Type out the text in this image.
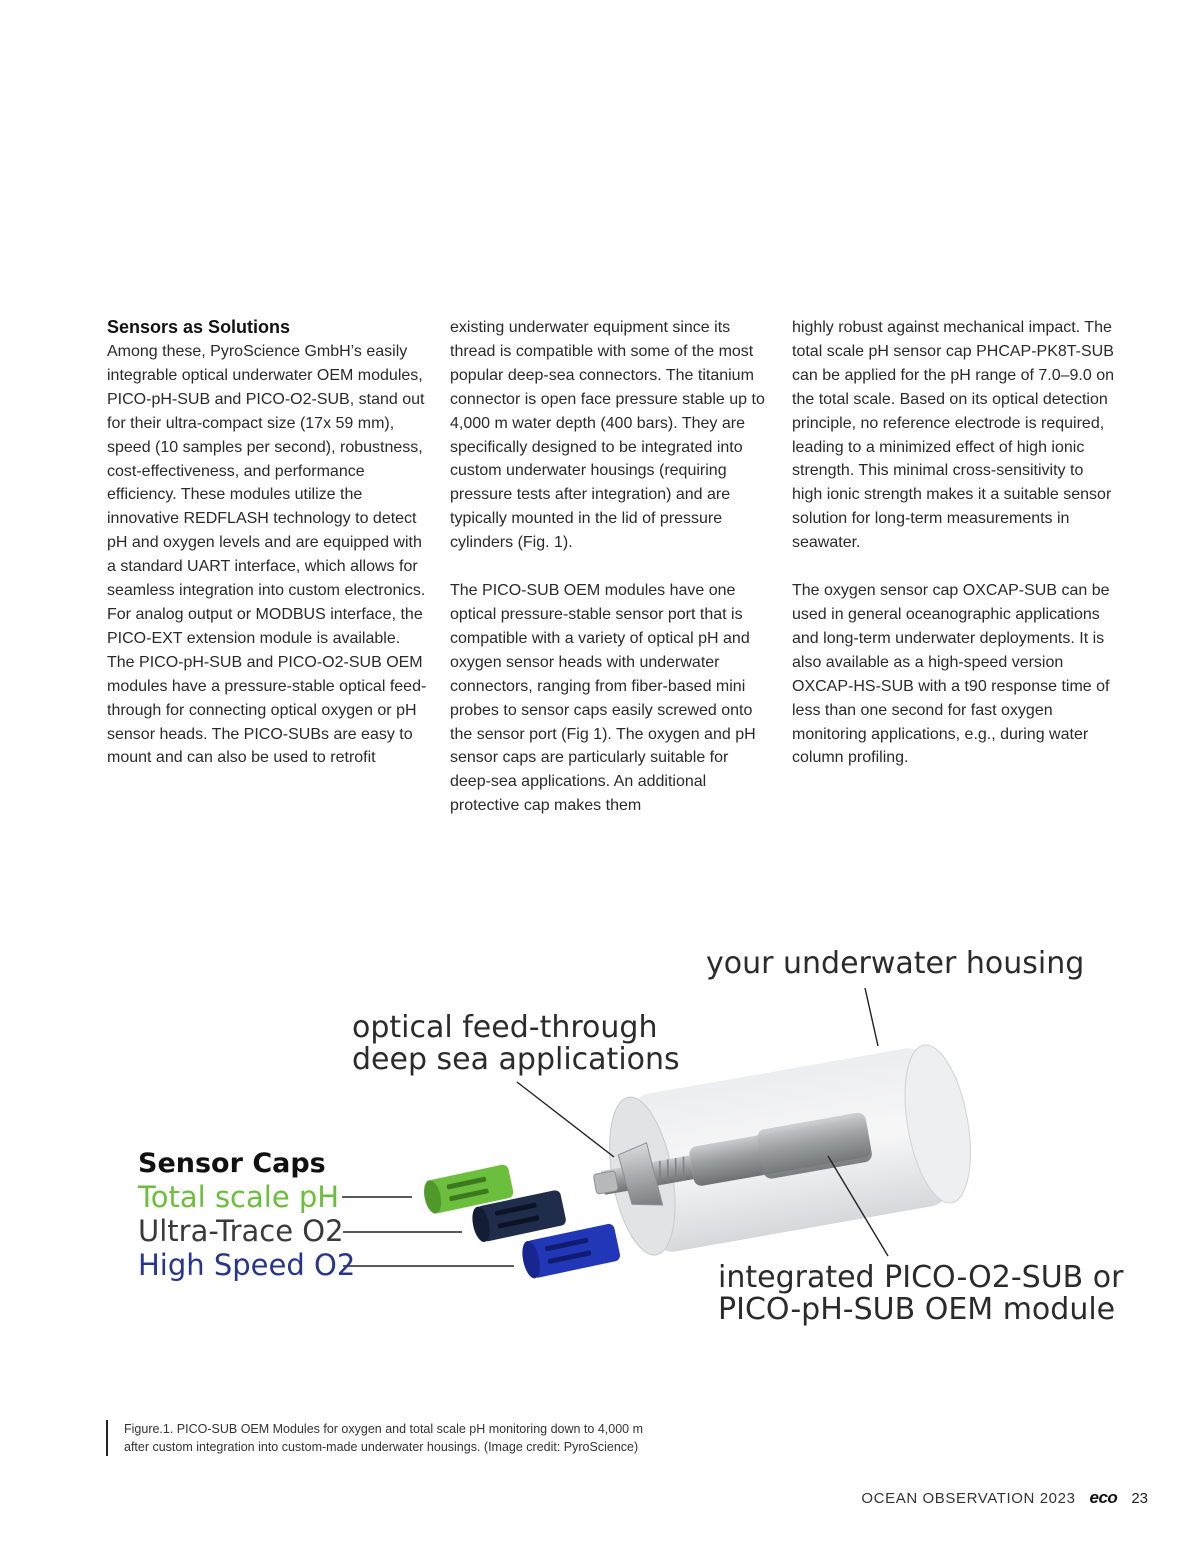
Sensors as Solutions

Among these, PyroScience GmbH’s easily integrable optical underwater OEM modules, PICO-pH-SUB and PICO-O2-SUB, stand out for their ultra-compact size (17x 59 mm), speed (10 samples per second), robustness, cost-effectiveness, and performance efficiency. These modules utilize the innovative REDFLASH technology to detect pH and oxygen levels and are equipped with a standard UART interface, which allows for seamless integration into custom electronics. For analog output or MODBUS interface, the PICO-EXT extension module is available. The PICO-pH-SUB and PICO-O2-SUB OEM modules have a pressure-stable optical feed-through for connecting optical oxygen or pH sensor heads. The PICO-SUBs are easy to mount and can also be used to retrofit

existing underwater equipment since its thread is compatible with some of the most popular deep-sea connectors. The titanium connector is open face pressure stable up to 4,000 m water depth (400 bars). They are specifically designed to be integrated into custom underwater housings (requiring pressure tests after integration) and are typically mounted in the lid of pressure cylinders (Fig. 1).

The PICO-SUB OEM modules have one optical pressure-stable sensor port that is compatible with a variety of optical pH and oxygen sensor heads with underwater connectors, ranging from fiber-based mini probes to sensor caps easily screwed onto the sensor port (Fig 1). The oxygen and pH sensor caps are particularly suitable for deep-sea applications. An additional protective cap makes them

highly robust against mechanical impact. The total scale pH sensor cap PHCAP-PK8T-SUB can be applied for the pH range of 7.0–9.0 on the total scale. Based on its optical detection principle, no reference electrode is required, leading to a minimized effect of high ionic strength. This minimal cross-sensitivity to high ionic strength makes it a suitable sensor solution for long-term measurements in seawater.

The oxygen sensor cap OXCAP-SUB can be used in general oceanographic applications and long-term underwater deployments. It is also available as a high-speed version OXCAP-HS-SUB with a t90 response time of less than one second for fast oxygen monitoring applications, e.g., during water column profiling.

your underwater housing
optical feed-through
deep sea applications
Sensor Caps
Total scale pH
Ultra-Trace O2
High Speed O2	integrated PICO-O2-SUB or
PICO-pH-SUB OEM module
Figure.1. PICO-SUB OEM Modules for oxygen and total scale pH monitoring down to 4,000 m
after custom integration into custom-made underwater housings. (Image credit: PyroScience)
OCEAN OBSERVATION 2023 eco 23
